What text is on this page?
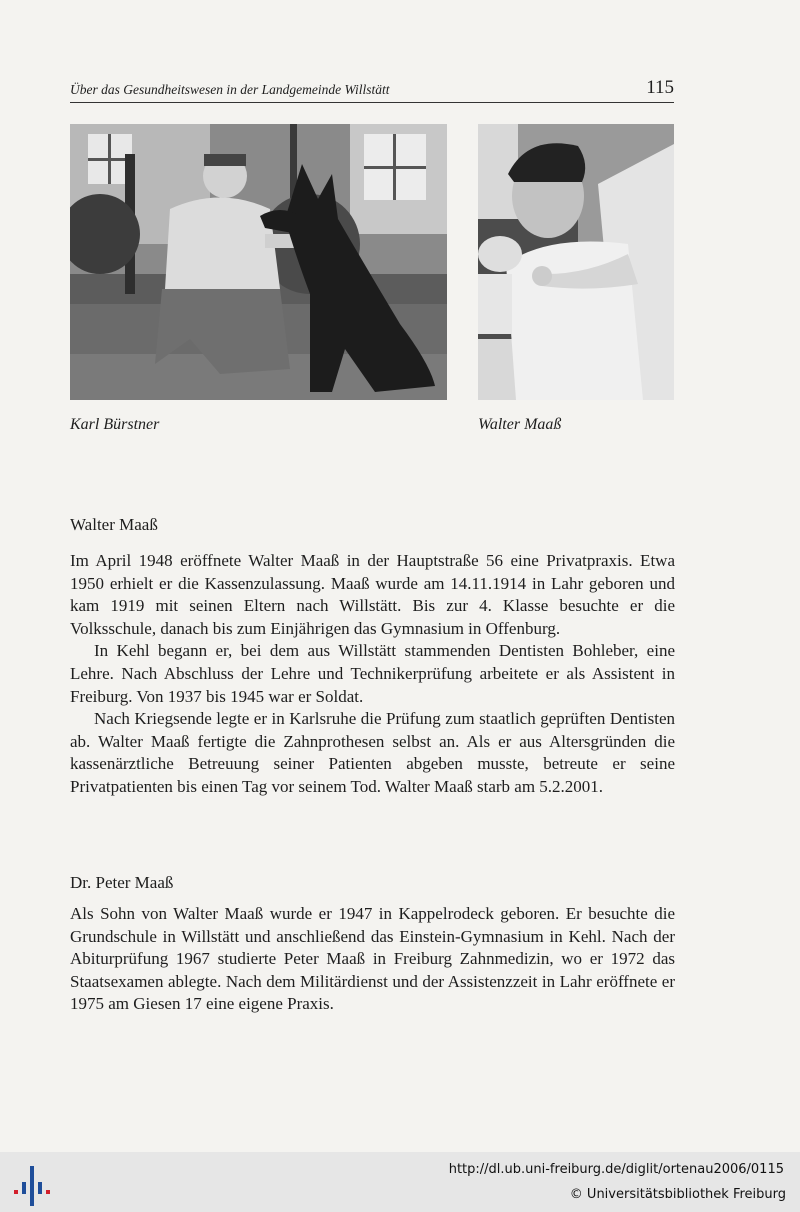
Über das Gesundheitswesen in der Landgemeinde Willstätt	115
Karl Bürstner	Walter Maaß
Walter Maaß

Im April 1948 eröffnete Walter Maaß in der Hauptstraße 56 eine Privatpraxis. Etwa 1950 erhielt er die Kassenzulassung. Maaß wurde am 14.11.1914 in Lahr geboren und kam 1919 mit seinen Eltern nach Willstätt. Bis zur 4. Klasse besuchte er die Volksschule, danach bis zum Einjährigen das Gymnasium in Offenburg.

In Kehl begann er, bei dem aus Willstätt stammenden Dentisten Bohleber, eine Lehre. Nach Abschluss der Lehre und Technikerprüfung arbeitete er als Assistent in Freiburg. Von 1937 bis 1945 war er Soldat.

Nach Kriegsende legte er in Karlsruhe die Prüfung zum staatlich geprüften Dentisten ab. Walter Maaß fertigte die Zahnprothesen selbst an. Als er aus Altersgründen die kassenärztliche Betreuung seiner Patienten abgeben musste, betreute er seine Privatpatienten bis einen Tag vor seinem Tod. Walter Maaß starb am 5.2.2001.

Dr. Peter Maaß

Als Sohn von Walter Maaß wurde er 1947 in Kappelrodeck geboren. Er besuchte die Grundschule in Willstätt und anschließend das Einstein-Gymnasium in Kehl. Nach der Abiturprüfung 1967 studierte Peter Maaß in Freiburg Zahnmedizin, wo er 1972 das Staatsexamen ablegte. Nach dem Militärdienst und der Assistenzzeit in Lahr eröffnete er 1975 am Giesen 17 eine eigene Praxis.

http://dl.ub.uni-freiburg.de/diglit/ortenau2006/0115
© Universitätsbibliothek Freiburg
